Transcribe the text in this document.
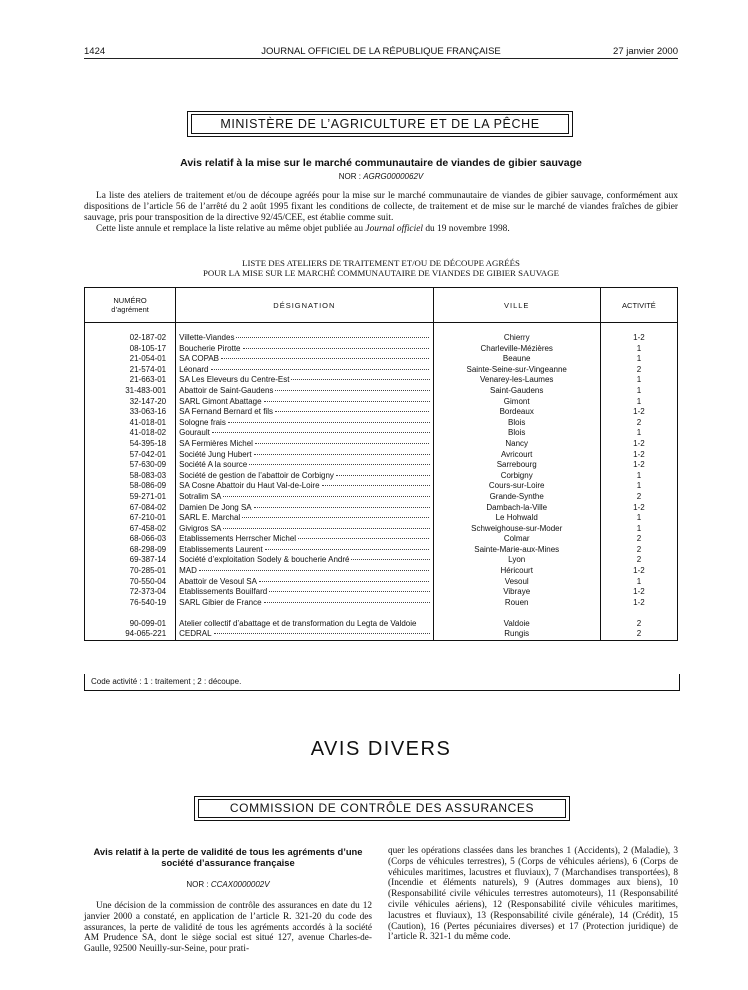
1424	JOURNAL OFFICIEL DE LA RÉPUBLIQUE FRANÇAISE	27 janvier 2000
MINISTÈRE DE L’AGRICULTURE ET DE LA PÊCHE
Avis relatif à la mise sur le marché communautaire de viandes de gibier sauvage
NOR : AGRG0000062V

La liste des ateliers de traitement et/ou de découpe agréés pour la mise sur le marché communautaire de viandes de gibier sauvage, conformément aux dispositions de l’article 56 de l’arrêté du 2 août 1995 fixant les conditions de collecte, de traitement et de mise sur le marché de viandes fraîches de gibier sauvage, pris pour transposition de la directive 92/45/CEE, est établie comme suit.

Cette liste annule et remplace la liste relative au même objet publiée au Journal officiel du 19 novembre 1998.

LISTE DES ATELIERS DE TRAITEMENT ET/OU DE DÉCOUPE AGRÉÉS
POUR LA MISE SUR LE MARCHÉ COMMUNAUTAIRE DE VIANDES DE GIBIER SAUVAGE
NUMÉRO
d’agrément	DÉSIGNATION	VILLE	ACTIVITÉ

02-187-02	Villette-Viandes	Chierry	1-2
08-105-17	Boucherie Pirotte	Charleville-Mézières	1
21-054-01	SA COPAB	Beaune	1
21-574-01	Léonard	Sainte-Seine-sur-Vingeanne	2
21-663-01	SA Les Eleveurs du Centre-Est	Venarey-les-Laumes	1
31-483-001	Abattoir de Saint-Gaudens	Saint-Gaudens	1
32-147-20	SARL Gimont Abattage	Gimont	1
33-063-16	SA Fernand Bernard et fils	Bordeaux	1-2
41-018-01	Sologne frais	Blois	2
41-018-02	Gourault	Blois	1
54-395-18	SA Fermières Michel	Nancy	1-2
57-042-01	Société Jung Hubert	Avricourt	1-2
57-630-09	Société A la source	Sarrebourg	1-2
58-083-03	Société de gestion de l’abattoir de Corbigny	Corbigny	1
58-086-09	SA Cosne Abattoir du Haut Val-de-Loire	Cours-sur-Loire	1
59-271-01	Sotralim SA	Grande-Synthe	2
67-084-02	Damien De Jong SA	Dambach-la-Ville	1-2
67-210-01	SARL E. Marchal	Le Hohwald	1
67-458-02	Givigros SA	Schweighouse-sur-Moder	1
68-066-03	Etablissements Herrscher Michel	Colmar	2
68-298-09	Etablissements Laurent	Sainte-Marie-aux-Mines	2
69-387-14	Société d’exploitation Sodely & boucherie André	Lyon	2
70-285-01	MAD	Héricourt	1-2
70-550-04	Abattoir de Vesoul SA	Vesoul	1
72-373-04	Etablissements Bouilfard	Vibraye	1-2
76-540-19	SARL Gibier de France	Rouen	1-2
90-099-01	Atelier collectif d’abattage et de transformation du Legta de Valdoie	Valdoie	2
94-065-221	CEDRAL	Rungis	2
Code activité : 1 : traitement ; 2 : découpe.
AVIS DIVERS
COMMISSION DE CONTRÔLE DES ASSURANCES
Avis relatif à la perte de validité de tous les agréments d’une société d’assurance française
NOR : CCAX0000002V
Une décision de la commission de contrôle des assurances en date du 12 janvier 2000 a constaté, en application de l’article R. 321-20 du code des assurances, la perte de validité de tous les agréments accordés à la société AM Prudence SA, dont le siège social est situé 127, avenue Charles-de-Gaulle, 92500 Neuilly-sur-Seine, pour prati-
quer les opérations classées dans les branches 1 (Accidents), 2 (Maladie), 3 (Corps de véhicules terrestres), 5 (Corps de véhicules aériens), 6 (Corps de véhicules maritimes, lacustres et fluviaux), 7 (Marchandises transportées), 8 (Incendie et éléments naturels), 9 (Autres dommages aux biens), 10 (Responsabilité civile véhicules terrestres automoteurs), 11 (Responsabilité civile véhicules aériens), 12 (Responsabilité civile véhicules maritimes, lacustres et fluviaux), 13 (Responsabilité civile générale), 14 (Crédit), 15 (Caution), 16 (Pertes pécuniaires diverses) et 17 (Protection juridique) de l’article R. 321-1 du même code.
